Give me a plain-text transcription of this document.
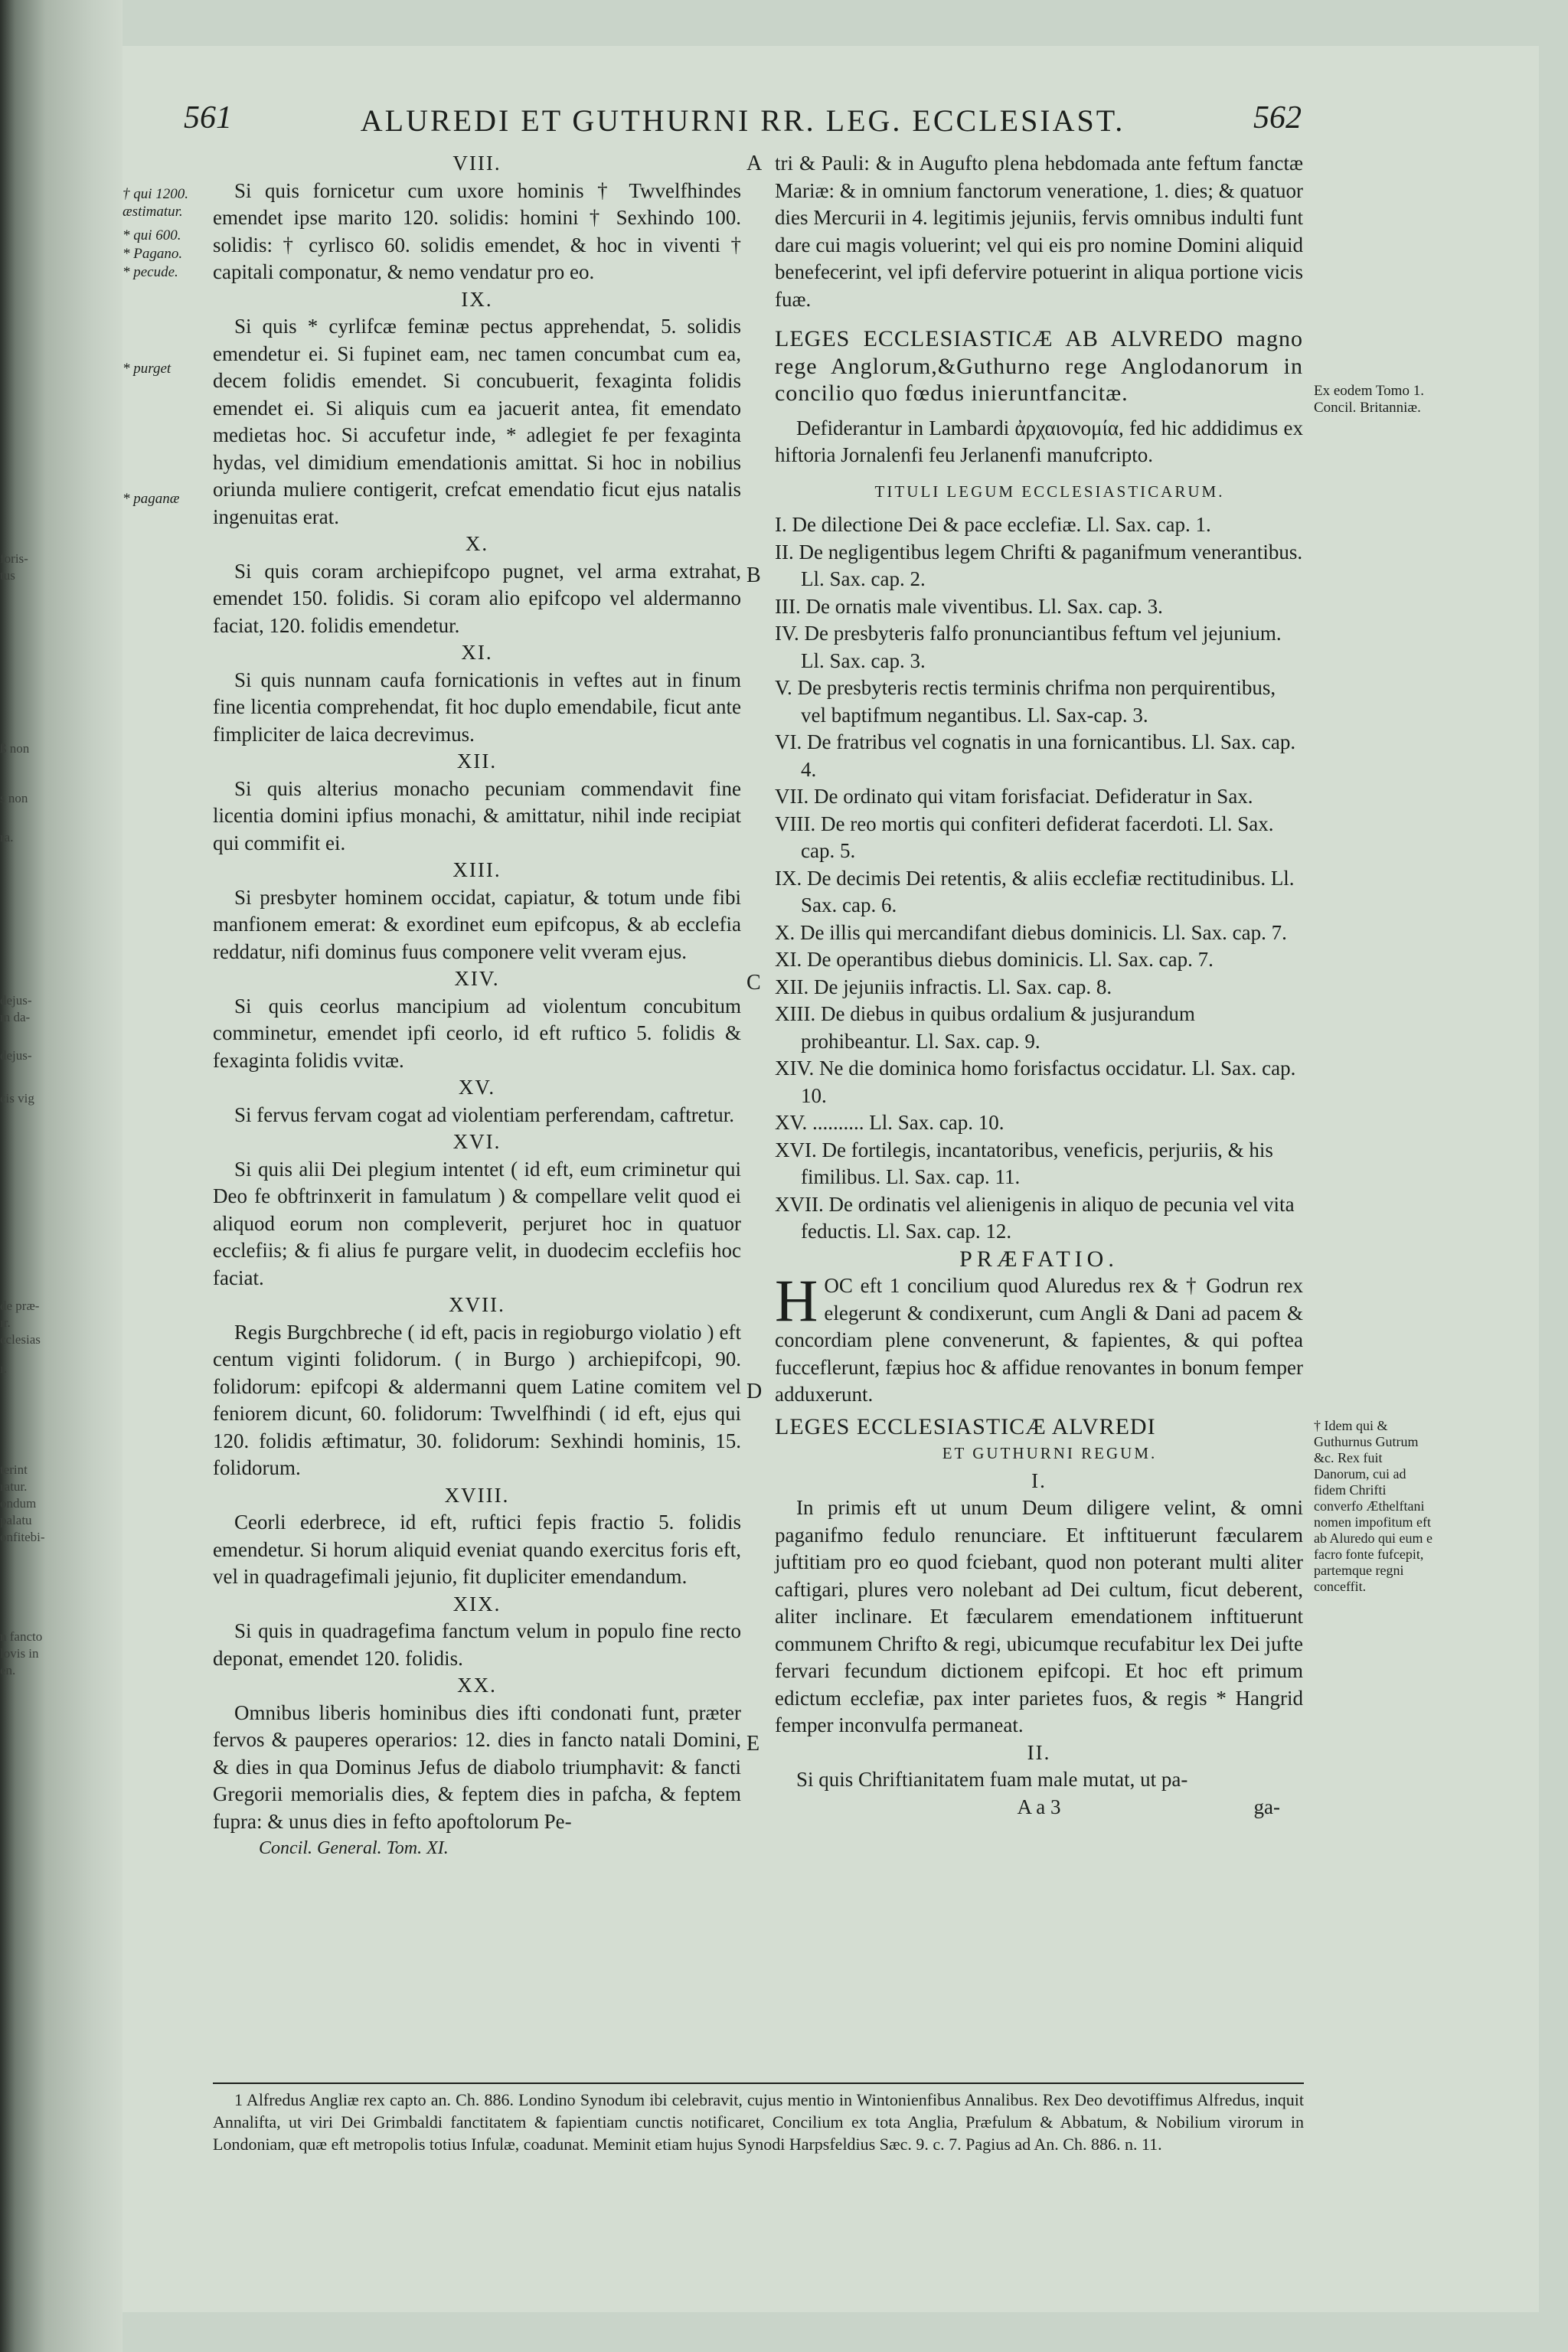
foris-
tus
ß non
s non
ra.
dejus-
m da-
dejus-
cis vig
de præ-
ır.
cclesias
ı.
terint
ratur.
ondum
palatu
onfitebi-
n fancto
lovis in
en.
561	ALUREDI ET GUTHURNI RR. LEG. ECCLESIAST.	562
† qui 1200. æstimatur.
* qui 600.
* Pagano.
* pecude.
* purget
* paganæ
A
B
C
D
E
VIII.

Si quis fornicetur cum uxore hominis † Twvelfhindes emendet ipse marito 120. solidis: homini † Sexhindo 100. solidis: † cyrlisco 60. solidis emendet, & hoc in viventi † capitali componatur, & nemo vendatur pro eo.

IX.

Si quis * cyrlifcæ feminæ pectus apprehendat, 5. solidis emendetur ei. Si fupinet eam, nec tamen concumbat cum ea, decem folidis emendet. Si concubuerit, fexaginta folidis emendet ei. Si aliquis cum ea jacuerit antea, fit emendato medietas hoc. Si accufetur inde, * adlegiet fe per fexaginta hydas, vel dimidium emendationis amittat. Si hoc in nobilius oriunda muliere contigerit, crefcat emendatio ficut ejus natalis ingenuitas erat.

X.

Si quis coram archiepifcopo pugnet, vel arma extrahat, emendet 150. folidis. Si coram alio epifcopo vel aldermanno faciat, 120. folidis emendetur.

XI.

Si quis nunnam caufa fornicationis in veftes aut in finum fine licentia comprehendat, fit hoc duplo emendabile, ficut ante fimpliciter de laica decrevimus.

XII.

Si quis alterius monacho pecuniam commendavit fine licentia domini ipfius monachi, & amittatur, nihil inde recipiat qui commifit ei.

XIII.

Si presbyter hominem occidat, capiatur, & totum unde fibi manfionem emerat: & exordinet eum epifcopus, & ab ecclefia reddatur, nifi dominus fuus componere velit vveram ejus.

XIV.

Si quis ceorlus mancipium ad violentum concubitum comminetur, emendet ipfi ceorlo, id eft ruftico 5. folidis & fexaginta folidis vvitæ.

XV.

Si fervus fervam cogat ad violentiam perferendam, caftretur.

XVI.

Si quis alii Dei plegium intentet ( id eft, eum criminetur qui Deo fe obftrinxerit in famulatum ) & compellare velit quod ei aliquod eorum non compleverit, perjuret hoc in quatuor ecclefiis; & fi alius fe purgare velit, in duodecim ecclefiis hoc faciat.

XVII.

Regis Burgchbreche ( id eft, pacis in regioburgo violatio ) eft centum viginti folidorum. ( in Burgo ) archiepifcopi, 90. folidorum: epifcopi & aldermanni quem Latine comitem vel feniorem dicunt, 60. folidorum: Twvelfhindi ( id eft, ejus qui 120. folidis æftimatur, 30. folidorum: Sexhindi hominis, 15. folidorum.

XVIII.

Ceorli ederbrece, id eft, ruftici fepis fractio 5. folidis emendetur. Si horum aliquid eveniat quando exercitus foris eft, vel in quadragefimali jejunio, fit dupliciter emendandum.

XIX.

Si quis in quadragefima fanctum velum in populo fine recto deponat, emendet 120. folidis.

XX.

Omnibus liberis hominibus dies ifti condonati funt, præter fervos & pauperes operarios: 12. dies in fancto natali Domini, & dies in qua Dominus Jefus de diabolo triumphavit: & fancti Gregorii memorialis dies, & feptem dies in pafcha, & feptem fupra: & unus dies in fefto apoftolorum Pe-

Concil. General. Tom. XI.

tri & Pauli: & in Augufto plena hebdomada ante feftum fanctæ Mariæ: & in omnium fanctorum veneratione, 1. dies; & quatuor dies Mercurii in 4. legitimis jejuniis, fervis omnibus indulti funt dare cui magis voluerint; vel qui eis pro nomine Domini aliquid benefecerint, vel ipfi defervire potuerint in aliqua portione vicis fuæ.

LEGES ECCLESIASTICÆ AB ALVREDO magno rege Anglorum,&Guthurno rege Anglodanorum in concilio quo fœdus inieruntfancitæ.

Defiderantur in Lambardi ἀρχαιονομία, fed hic addidimus ex hiftoria Jornalenfi feu Jerlanenfi manufcripto.

TITULI LEGUM ECCLESIASTICARUM.

I. De dilectione Dei & pace ecclefiæ. Ll. Sax. cap. 1.
II. De negligentibus legem Chrifti & paganifmum venerantibus. Ll. Sax. cap. 2.
III. De ornatis male viventibus. Ll. Sax. cap. 3.
IV. De presbyteris falfo pronunciantibus feftum vel jejunium. Ll. Sax. cap. 3.
V. De presbyteris rectis terminis chrifma non perquirentibus, vel baptifmum negantibus. Ll. Sax-cap. 3.
VI. De fratribus vel cognatis in una fornicantibus. Ll. Sax. cap. 4.
VII. De ordinato qui vitam forisfaciat. Defideratur in Sax.
VIII. De reo mortis qui confiteri defiderat facerdoti. Ll. Sax. cap. 5.
IX. De decimis Dei retentis, & aliis ecclefiæ rectitudinibus. Ll. Sax. cap. 6.
X. De illis qui mercandifant diebus dominicis. Ll. Sax. cap. 7.
XI. De operantibus diebus dominicis. Ll. Sax. cap. 7.
XII. De jejuniis infractis. Ll. Sax. cap. 8.
XIII. De diebus in quibus ordalium & jusjurandum prohibeantur. Ll. Sax. cap. 9.
XIV. Ne die dominica homo forisfactus occidatur. Ll. Sax. cap. 10.
XV. .......... Ll. Sax. cap. 10.
XVI. De fortilegis, incantatoribus, veneficis, perjuriis, & his fimilibus. Ll. Sax. cap. 11.
XVII. De ordinatis vel alienigenis in aliquo de pecunia vel vita feductis. Ll. Sax. cap. 12.
PRÆFATIO.

HOC eft 1 concilium quod Aluredus rex & † Godrun rex elegerunt & condixerunt, cum Angli & Dani ad pacem & concordiam plene convenerunt, & fapientes, & qui poftea fucceflerunt, fæpius hoc & affidue renovantes in bonum femper adduxerunt.

LEGES ECCLESIASTICÆ ALVREDI

ET GUTHURNI REGUM.

I.

In primis eft ut unum Deum diligere velint, & omni paganifmo fedulo renunciare. Et inftituerunt fæcularem juftitiam pro eo quod fciebant, quod non poterant multi aliter caftigari, plures vero nolebant ad Dei cultum, ficut deberent, aliter inclinare. Et fæcularem emendationem inftituerunt communem Chrifto & regi, ubicumque recufabitur lex Dei jufte fervari fecundum dictionem epifcopi. Et hoc eft primum edictum ecclefiæ, pax inter parietes fuos, & regis * Hangrid femper inconvulfa permaneat.

II.

Si quis Chriftianitatem fuam male mutat, ut pa-

A a 3	ga-

Ex eodem Tomo 1. Concil. Britanniæ.
† Idem qui & Guthurnus Gutrum &c. Rex fuit Danorum, cui ad fidem Chrifti converfo Æthelftani nomen impofitum eft ab Aluredo qui eum e facro fonte fufcepit, partemque regni conceffit.

1 Alfredus Angliæ rex capto an. Ch. 886. Londino Synodum ibi celebravit, cujus mentio in Wintonienfibus Annalibus. Rex Deo devotiffimus Alfredus, inquit Annalifta, ut viri Dei Grimbaldi fanctitatem & fapientiam cunctis notificaret, Concilium ex tota Anglia, Præfulum & Abbatum, & Nobilium virorum in Londoniam, quæ eft metropolis totius Infulæ, coadunat. Meminit etiam hujus Synodi Harpsfeldius Sæc. 9. c. 7. Pagius ad An. Ch. 886. n. 11.
